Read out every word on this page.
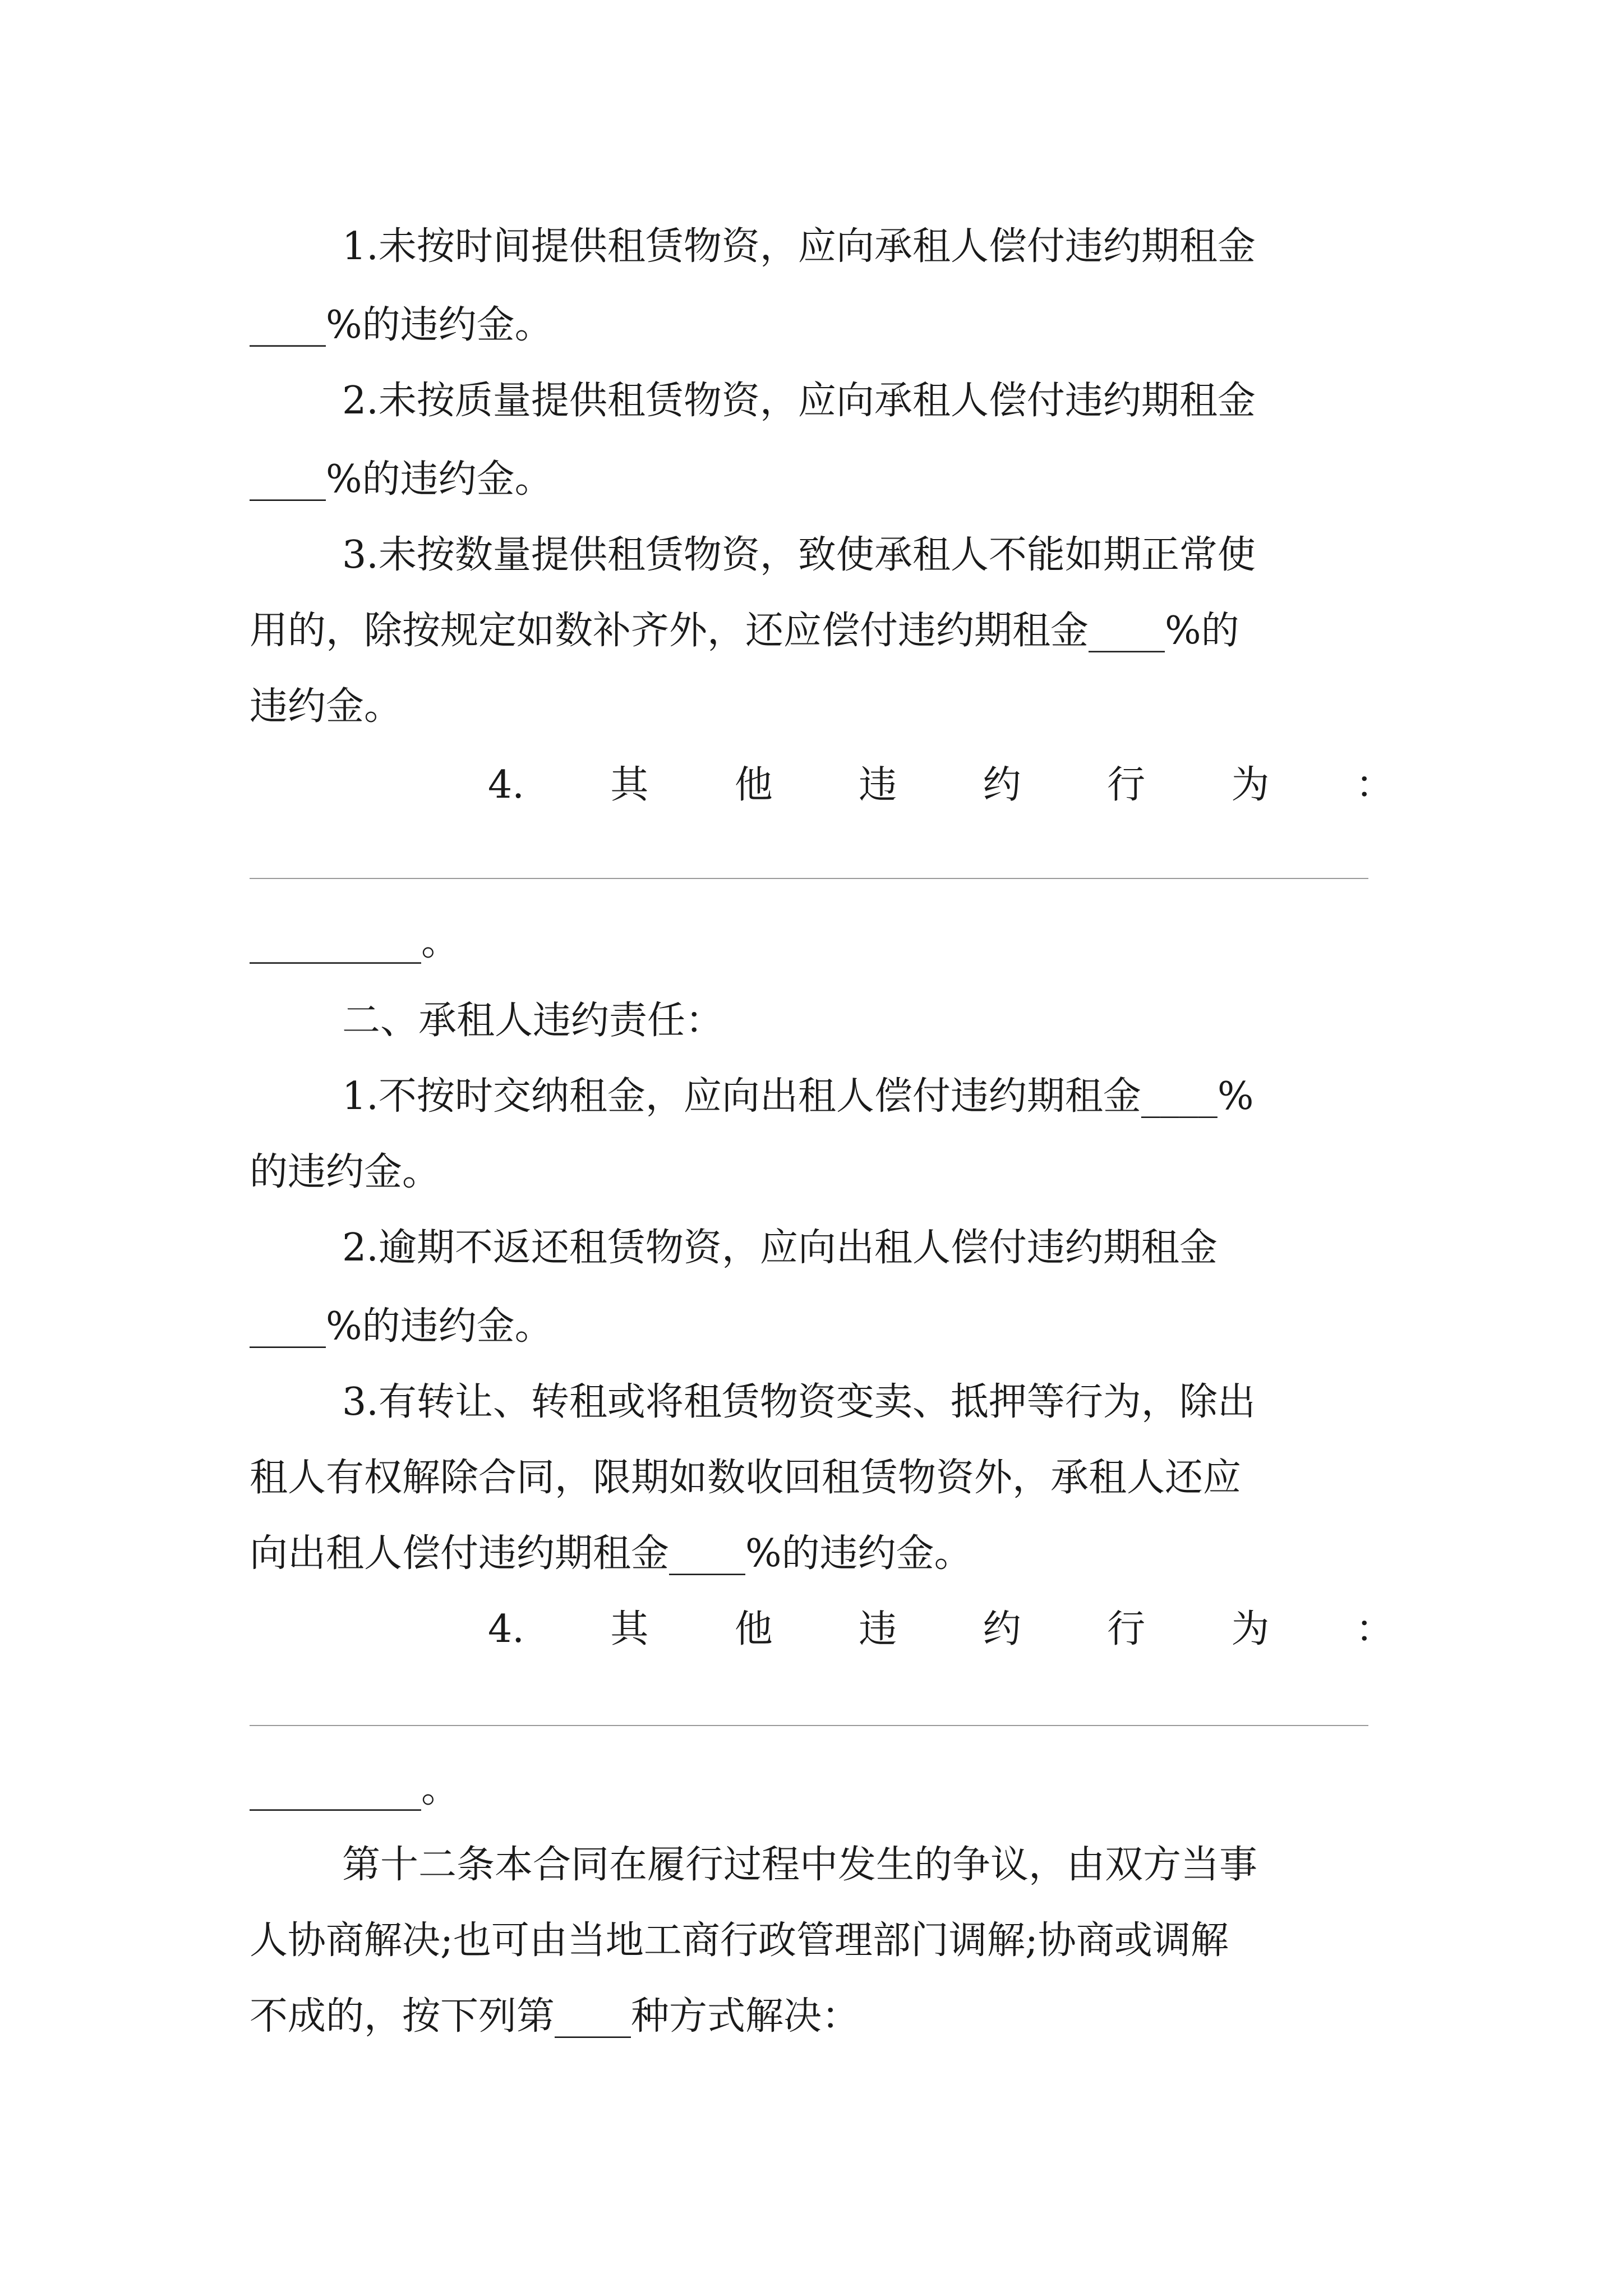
1.未按时间提供租赁物资，应向承租人偿付违约期租金
____%的违约金。
2.未按质量提供租赁物资，应向承租人偿付违约期租金
____%的违约金。
3.未按数量提供租赁物资，致使承租人不能如期正常使
用的，除按规定如数补齐外，还应偿付违约期租金____%的
违约金。
4. 其 他 违 约 行 为 ：
_________。
二、承租人违约责任：
1.不按时交纳租金，应向出租人偿付违约期租金____%
的违约金。
2.逾期不返还租赁物资，应向出租人偿付违约期租金
____%的违约金。
3.有转让、转租或将租赁物资变卖、抵押等行为，除出
租人有权解除合同，限期如数收回租赁物资外，承租人还应
向出租人偿付违约期租金____%的违约金。
4. 其 他 违 约 行 为 ：
_________。
第十二条本合同在履行过程中发生的争议，由双方当事
人协商解决;也可由当地工商行政管理部门调解;协商或调解
不成的，按下列第____种方式解决：
